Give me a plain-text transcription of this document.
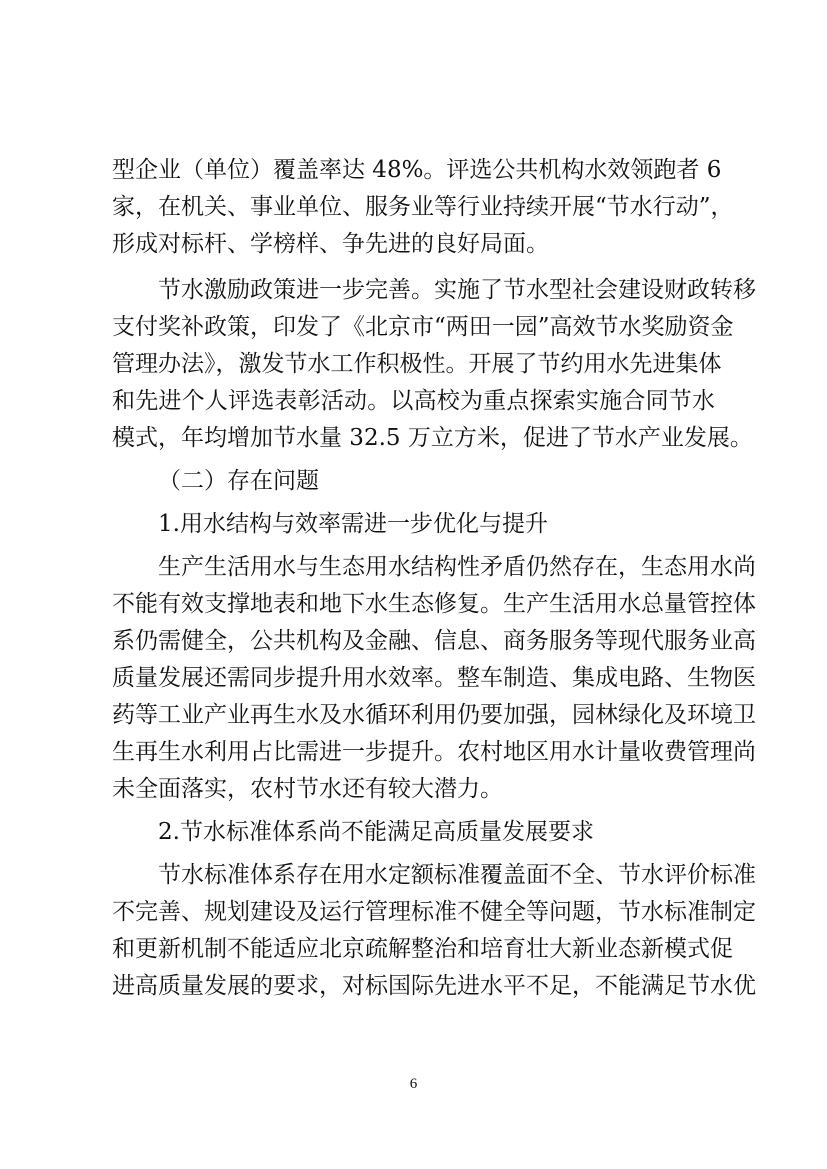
型企业（单位）覆盖率达 48%。评选公共机构水效领跑者 6
家，在机关、事业单位、服务业等行业持续开展“节水行动”，
形成对标杆、学榜样、争先进的良好局面。
节水激励政策进一步完善。实施了节水型社会建设财政转移
支付奖补政策，印发了《北京市“两田一园”高效节水奖励资金
管理办法》，激发节水工作积极性。开展了节约用水先进集体
和先进个人评选表彰活动。以高校为重点探索实施合同节水
模式，年均增加节水量 32.5 万立方米，促进了节水产业发展。
（二）存在问题
1.用水结构与效率需进一步优化与提升
生产生活用水与生态用水结构性矛盾仍然存在，生态用水尚
不能有效支撑地表和地下水生态修复。生产生活用水总量管控体
系仍需健全，公共机构及金融、信息、商务服务等现代服务业高
质量发展还需同步提升用水效率。整车制造、集成电路、生物医
药等工业产业再生水及水循环利用仍要加强，园林绿化及环境卫
生再生水利用占比需进一步提升。农村地区用水计量收费管理尚
未全面落实，农村节水还有较大潜力。
2.节水标准体系尚不能满足高质量发展要求
节水标准体系存在用水定额标准覆盖面不全、节水评价标准
不完善、规划建设及运行管理标准不健全等问题，节水标准制定
和更新机制不能适应北京疏解整治和培育壮大新业态新模式促
进高质量发展的要求，对标国际先进水平不足，不能满足节水优
6
